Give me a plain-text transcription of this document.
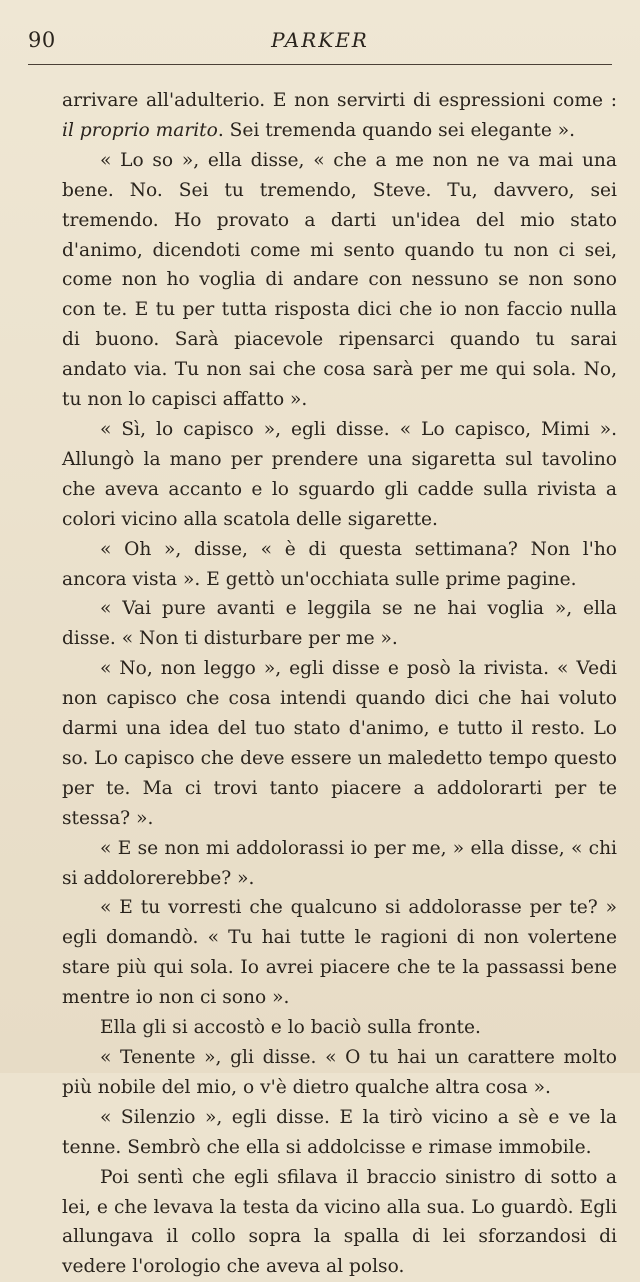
90	PARKER

arrivare all'adulterio. E non servirti di espressioni come : il proprio marito. Sei tremenda quando sei elegante ».

« Lo so », ella disse, « che a me non ne va mai una bene. No. Sei tu tremendo, Steve. Tu, davvero, sei tremendo. Ho provato a darti un'idea del mio stato d'animo, dicendoti come mi sento quando tu non ci sei, come non ho voglia di andare con nessuno se non sono con te. E tu per tutta risposta dici che io non faccio nulla di buono. Sarà piacevole ripensarci quando tu sarai andato via. Tu non sai che cosa sarà per me qui sola. No, tu non lo capisci affatto ».

« Sì, lo capisco », egli disse. « Lo capisco, Mimi ». Allungò la mano per prendere una sigaretta sul tavolino che aveva accanto e lo sguardo gli cadde sulla rivista a colori vicino alla scatola delle sigarette.

« Oh », disse, « è di questa settimana? Non l'ho ancora vista ». E gettò un'occhiata sulle prime pagine.

« Vai pure avanti e leggila se ne hai voglia », ella disse. « Non ti disturbare per me ».

« No, non leggo », egli disse e posò la rivista. « Vedi non capisco che cosa intendi quando dici che hai voluto darmi una idea del tuo stato d'animo, e tutto il resto. Lo so. Lo capisco che deve essere un maledetto tempo questo per te. Ma ci trovi tanto piacere a addolorarti per te stessa? ».

« E se non mi addolorassi io per me, » ella disse, « chi si addolorerebbe? ».

« E tu vorresti che qualcuno si addolorasse per te? » egli domandò. « Tu hai tutte le ragioni di non volertene stare più qui sola. Io avrei piacere che te la passassi bene mentre io non ci sono ».

Ella gli si accostò e lo baciò sulla fronte.

« Tenente », gli disse. « O tu hai un carattere molto più nobile del mio, o v'è dietro qualche altra cosa ».

« Silenzio », egli disse. E la tirò vicino a sè e ve la tenne. Sembrò che ella si addolcisse e rimase immobile.

Poi sentì che egli sfilava il braccio sinistro di sotto a lei, e che levava la testa da vicino alla sua. Lo guardò. Egli allungava il collo sopra la spalla di lei sforzandosi di vedere l'orologio che aveva al polso.
